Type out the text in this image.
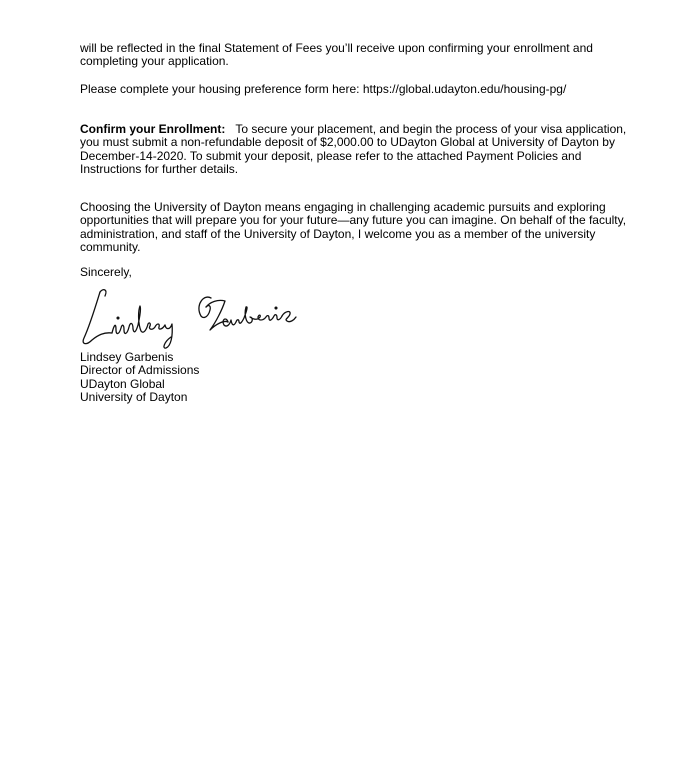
will be reflected in the final Statement of Fees you’ll receive upon confirming your enrollment and
completing your application.

Please complete your housing preference form here: https://global.udayton.edu/housing-pg/

Confirm your Enrollment: To secure your placement, and begin the process of your visa application,
you must submit a non-refundable deposit of $2,000.00 to UDayton Global at University of Dayton by
December-14-2020. To submit your deposit, please refer to the attached Payment Policies and
Instructions for further details.

Choosing the University of Dayton means engaging in challenging academic pursuits and exploring
opportunities that will prepare you for your future—any future you can imagine. On behalf of the faculty,
administration, and staff of the University of Dayton, I welcome you as a member of the university
community.

Sincerely,

Lindsey Garbenis
Director of Admissions
UDayton Global
University of Dayton
